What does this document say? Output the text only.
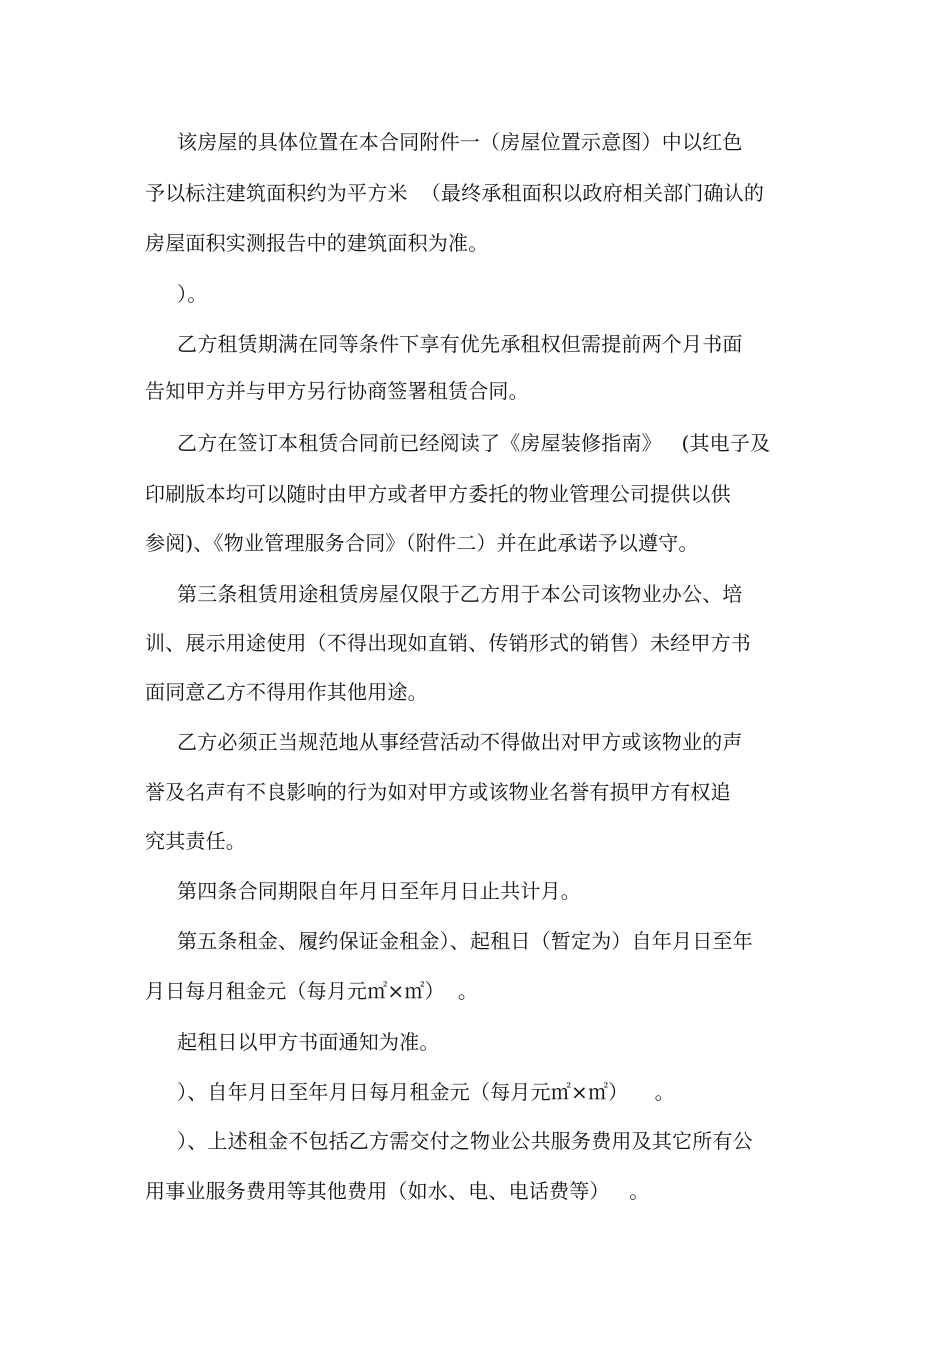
该房屋的具体位置在本合同附件一（房屋位置示意图）中以红色
予以标注建筑面积约为平方米  （最终承租面积以政府相关部门确认的
房屋面积实测报告中的建筑面积为准。
）。
乙方租赁期满在同等条件下享有优先承租权但需提前两个月书面
告知甲方并与甲方另行协商签署租赁合同。
乙方在签订本租赁合同前已经阅读了《房屋装修指南》   (其电子及
印刷版本均可以随时由甲方或者甲方委托的物业管理公司提供以供
参阅)、《物业管理服务合同》（附件二）并在此承诺予以遵守。
第三条租赁用途租赁房屋仅限于乙方用于本公司该物业办公、培
训、展示用途使用（不得出现如直销、传销形式的销售）未经甲方书
面同意乙方不得用作其他用途。
乙方必须正当规范地从事经营活动不得做出对甲方或该物业的声
誉及名声有不良影响的行为如对甲方或该物业名誉有损甲方有权追
究其责任。
第四条合同期限自年月日至年月日止共计月。
第五条租金、履约保证金租金）、起租日（暂定为）自年月日至年
月日每月租金元（每月元㎡×㎡）  。
起租日以甲方书面通知为准。
）、自年月日至年月日每月租金元（每月元㎡×㎡）    。
）、上述租金不包括乙方需交付之物业公共服务费用及其它所有公
用事业服务费用等其他费用（如水、电、电话费等）   。
